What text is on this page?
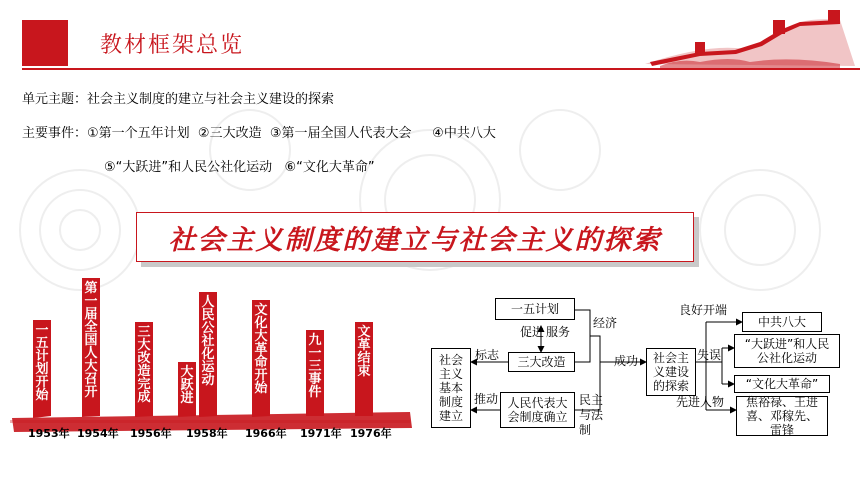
教材框架总览
单元主题：社会主义制度的建立与社会主义建设的探索
主要事件：①第一个五年计划  ②三大改造  ③第一届全国人代表大会     ④中共八大
⑤“大跃进”和人民公社化运动   ⑥“文化大革命”
社会主义制度的建立与社会主义的探索
一五计划开始
第一届全国人大召开
三大改造完成
大跃进
人民公社化运动
文化大革命开始
九一三事件
文革结束
1953年 1954年 1956年 1958年 1966年 1971年 1976年
一五计划
三大改造
社会主义基本制度建立
人民代表大会制度确立
社会主义建设的探索
中共八大
“大跃进”和人民公社化运动
“文化大革命”
焦裕禄、王进喜、邓稼先、雷锋
促进 服务
经济
标志
推动
成功
民主与法制
良好开端
失误
先进人物
